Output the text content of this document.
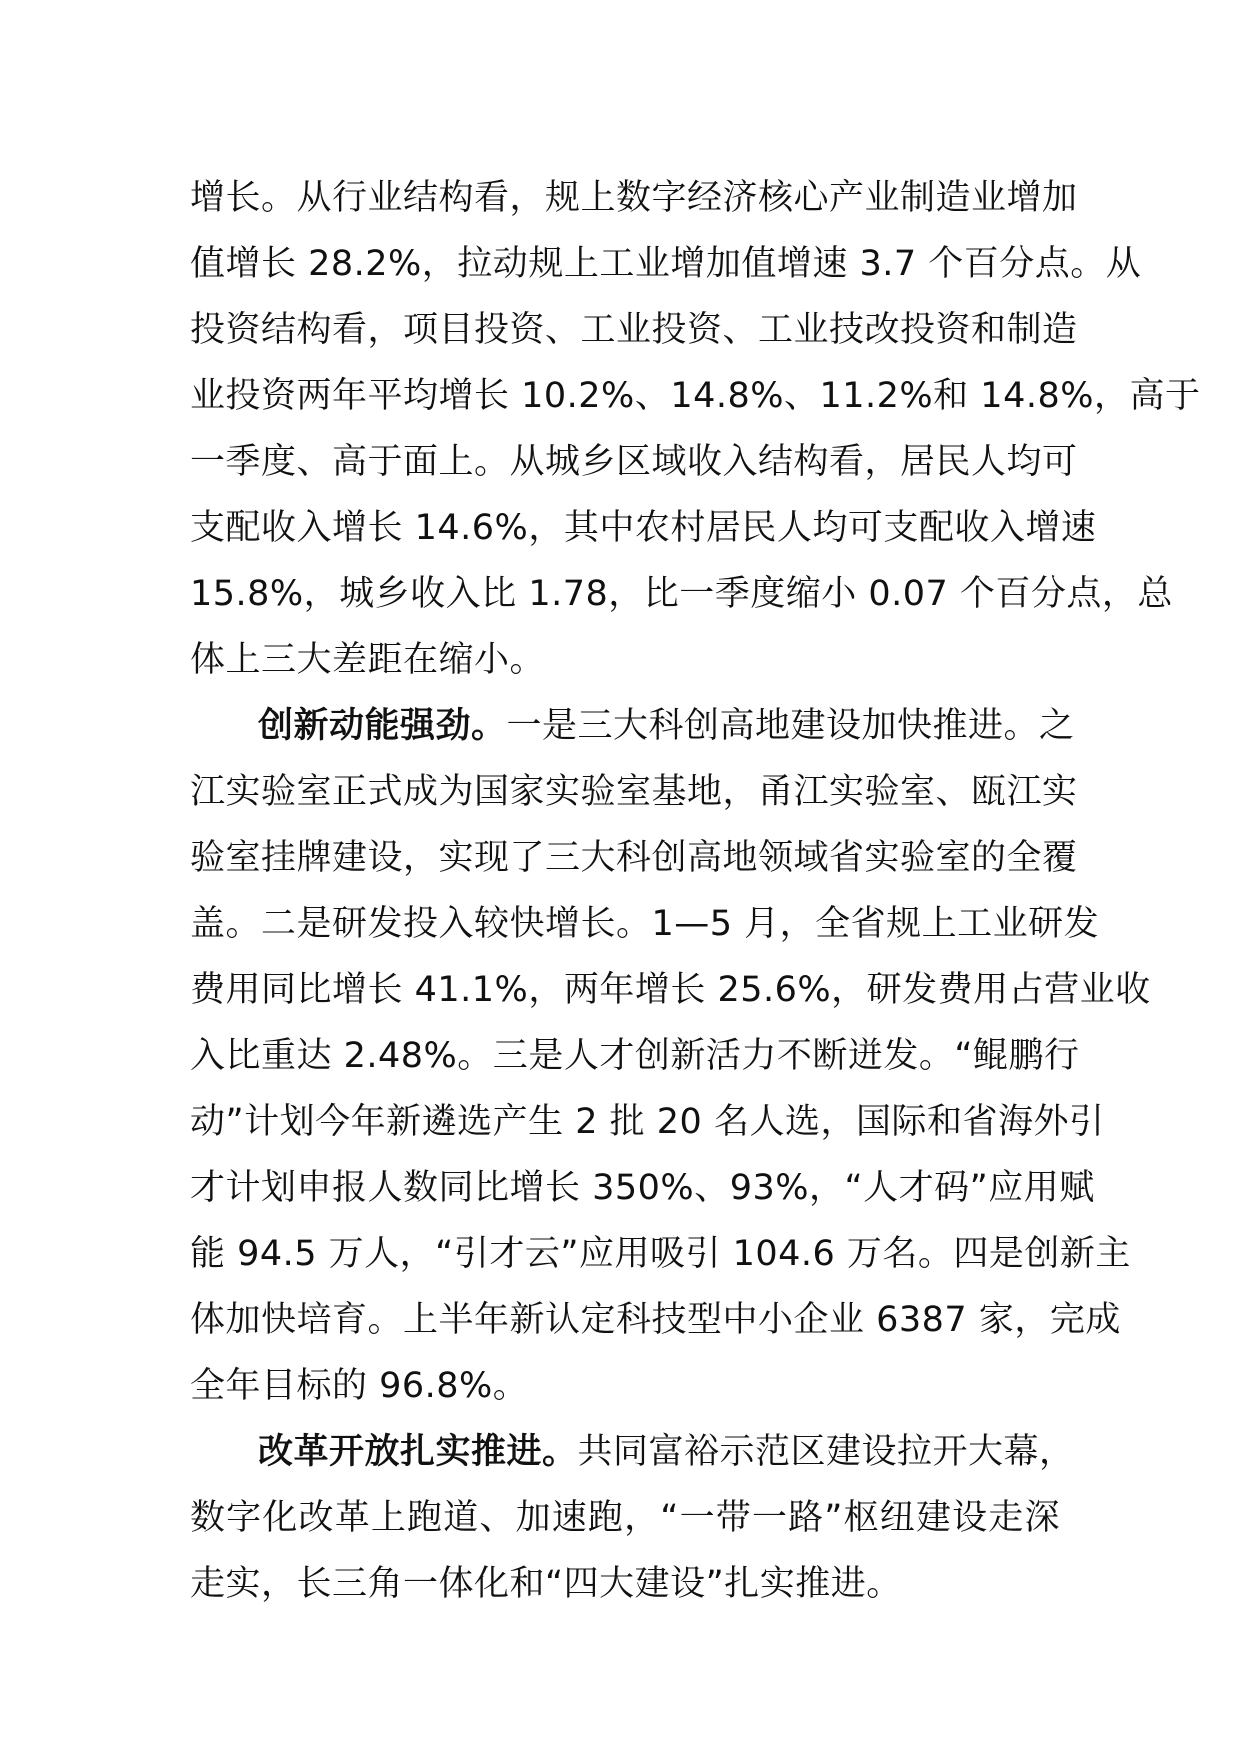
增长。从行业结构看，规上数字经济核心产业制造业增加
值增长 28.2%，拉动规上工业增加值增速 3.7 个百分点。从
投资结构看，项目投资、工业投资、工业技改投资和制造
业投资两年平均增长 10.2%、14.8%、11.2%和 14.8%，高于
一季度、高于面上。从城乡区域收入结构看，居民人均可
支配收入增长 14.6%，其中农村居民人均可支配收入增速
15.8%，城乡收入比 1.78，比一季度缩小 0.07 个百分点，总
体上三大差距在缩小。
创新动能强劲。一是三大科创高地建设加快推进。之
江实验室正式成为国家实验室基地，甬江实验室、瓯江实
验室挂牌建设，实现了三大科创高地领域省实验室的全覆
盖。二是研发投入较快增长。1—5 月，全省规上工业研发
费用同比增长 41.1%，两年增长 25.6%，研发费用占营业收
入比重达 2.48%。三是人才创新活力不断迸发。“鲲鹏行
动”计划今年新遴选产生 2 批 20 名人选，国际和省海外引
才计划申报人数同比增长 350%、93%，“人才码”应用赋
能 94.5 万人，“引才云”应用吸引 104.6 万名。四是创新主
体加快培育。上半年新认定科技型中小企业 6387 家，完成
全年目标的 96.8%。
改革开放扎实推进。共同富裕示范区建设拉开大幕，
数字化改革上跑道、加速跑，“一带一路”枢纽建设走深
走实，长三角一体化和“四大建设”扎实推进。
